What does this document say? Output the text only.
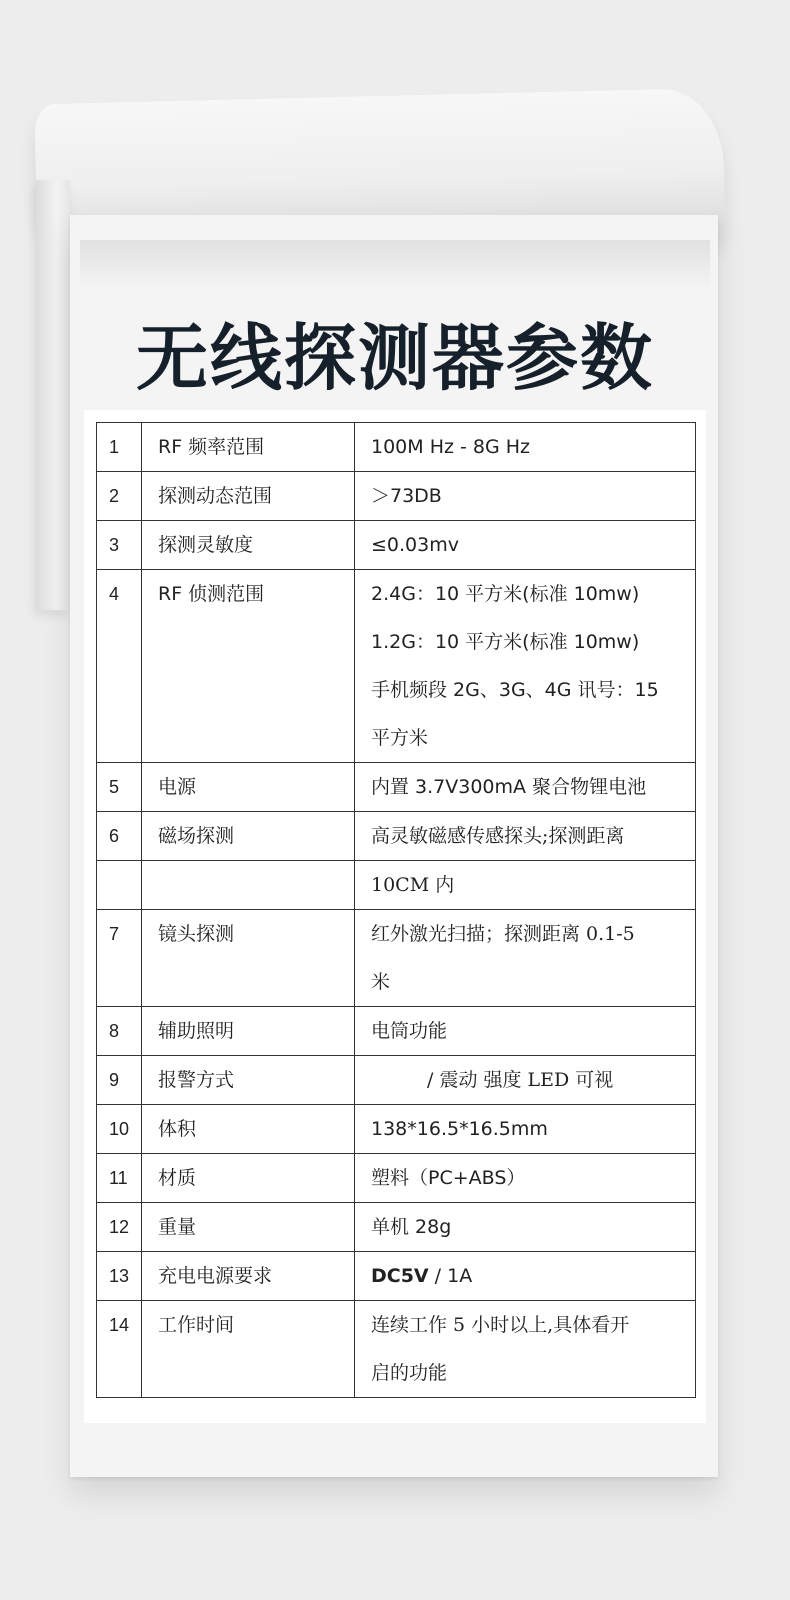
无线探测器参数
1	RF 频率范围	100M Hz - 8G Hz

2	探测动态范围	＞73DB

3	探测灵敏度	≤0.03mv

4	RF 侦测范围	2.4G：10 平方米(标准 10mw)
1.2G：10 平方米(标准 10mw)
手机频段 2G、3G、4G 讯号：15
平方米

5	电源	内置 3.7V300mA 聚合物锂电池

6	磁场探测	高灵敏磁感传感探头;探测距离

		10CM 内

7	镜头探测	红外激光扫描；探测距离 0.1-5
米

8	辅助照明	电筒功能

9	报警方式	/ 震动 强度 LED 可视

10	体积	138*16.5*16.5mm

11	材质	塑料（PC+ABS）

12	重量	单机 28g

13	充电电源要求	DC5V / 1A

14	工作时间	连续工作 5 小时以上,具体看开
启的功能
